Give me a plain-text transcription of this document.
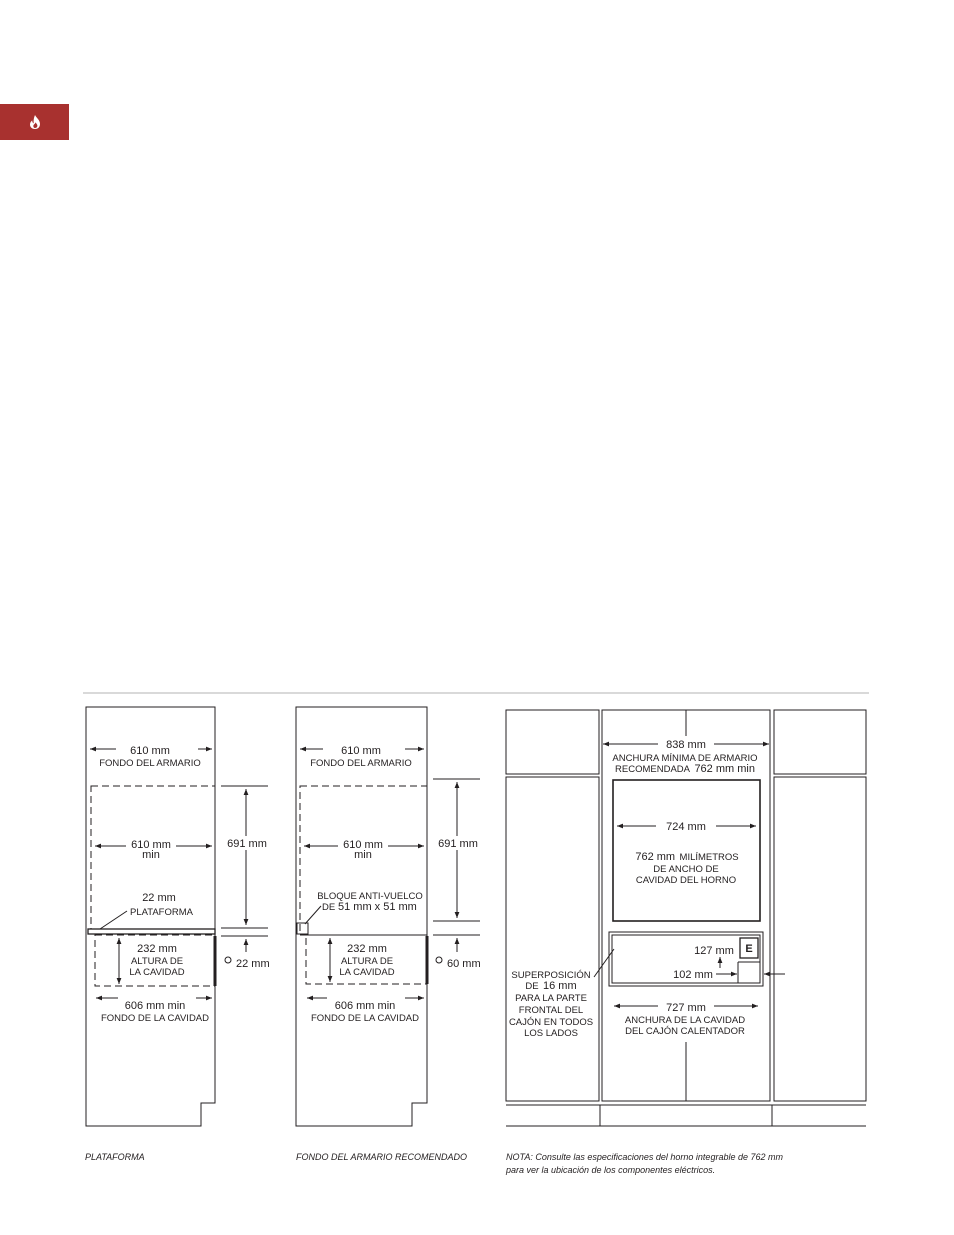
610 mm
FONDO DEL ARMARIO
610 mm
min
691 mm
22 mm
PLATAFORMA
232 mm
ALTURA DE
LA CAVIDAD
22 mm
606 mm min
FONDO DE LA CAVIDAD
610 mm
FONDO DEL ARMARIO
610 mm
min
691 mm
BLOQUE ANTI-VUELCO
DE 51 mm x 51 mm
232 mm
ALTURA DE
LA CAVIDAD
60 mm
606 mm min
FONDO DE LA CAVIDAD
838 mm
ANCHURA MÍNIMA DE ARMARIO
RECOMENDADA 762 mm min
724 mm
762 mm MILÍMETROS
DE ANCHO DE
CAVIDAD DEL HORNO
E
127 mm
102 mm
SUPERPOSICIÓN
DE 16 mm
PARA LA PARTE
FRONTAL DEL
CAJÓN EN TODOS
LOS LADOS
727 mm
ANCHURA DE LA CAVIDAD
DEL CAJÓN CALENTADOR
PLATAFORMA	FONDO DEL ARMARIO RECOMENDADO	NOTA: Consulte las especificaciones del horno integrable de 762 mm
para ver la ubicación de los componentes eléctricos.
